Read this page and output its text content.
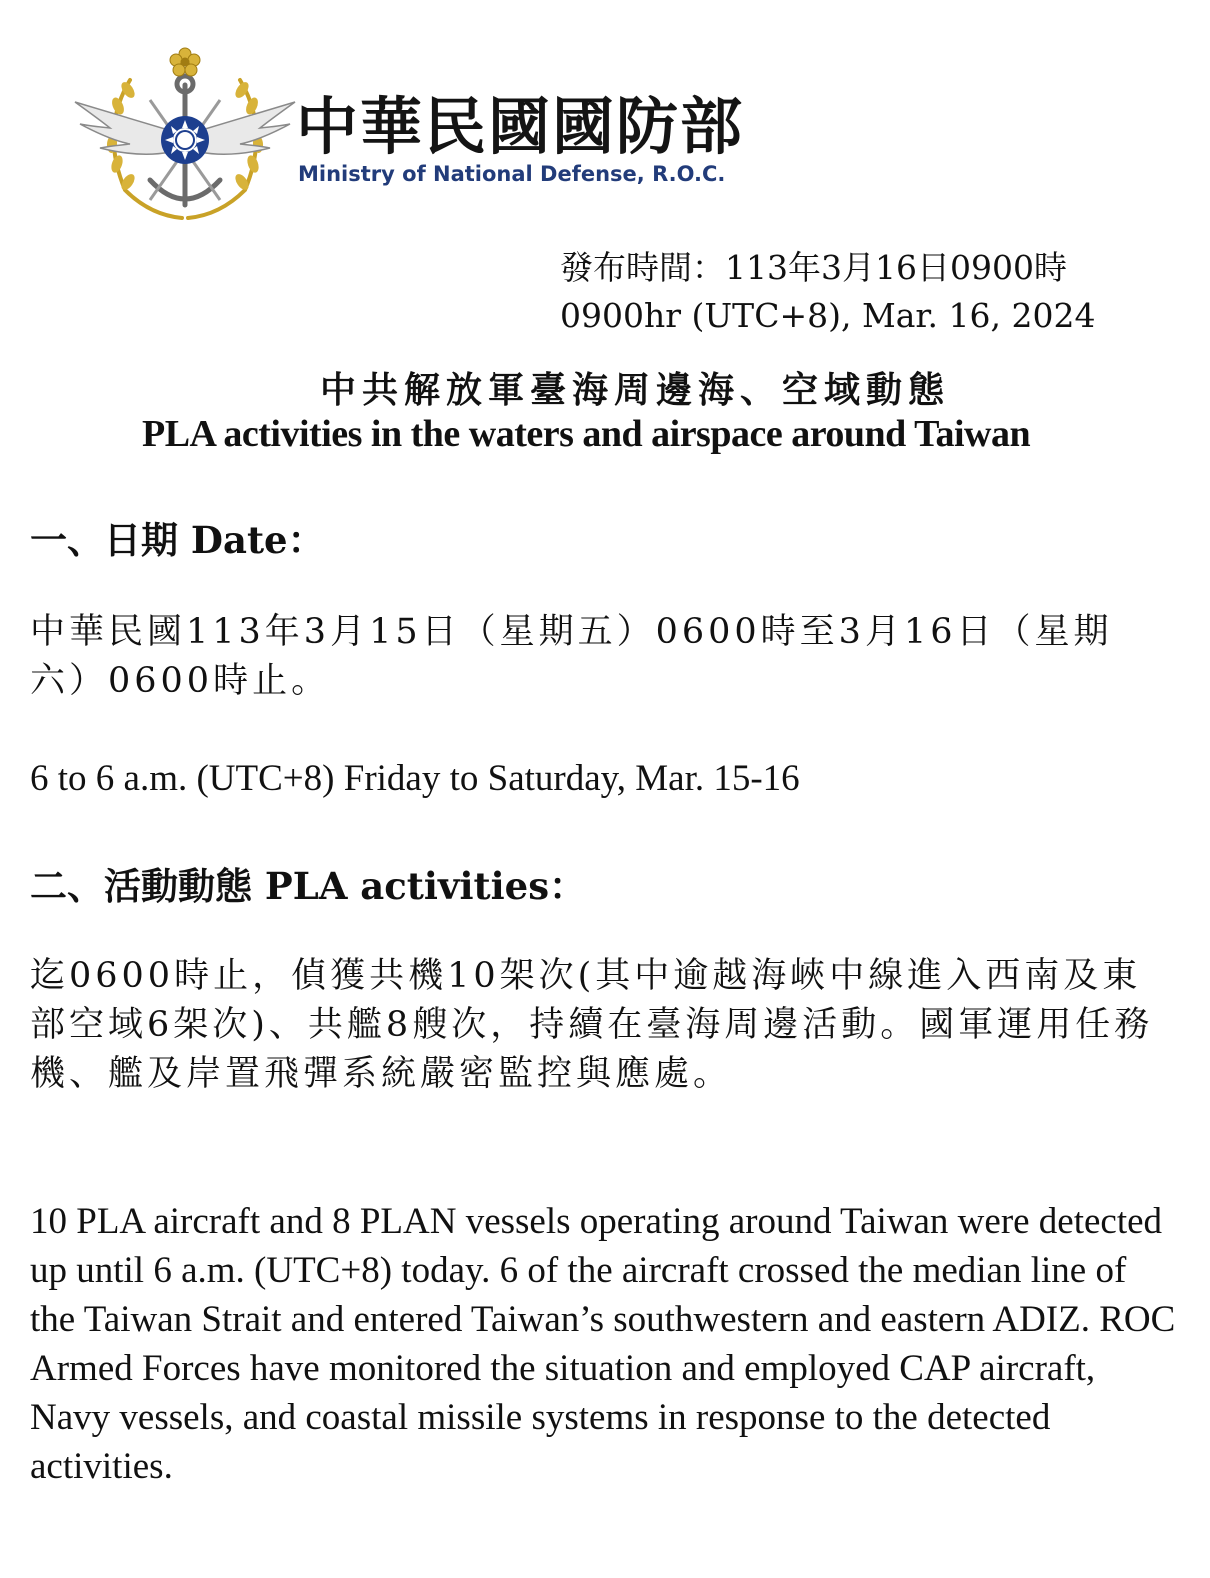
中華民國國防部
Ministry of National Defense, R.O.C.
發布時間：113年3月16日0900時
0900hr (UTC+8), Mar. 16, 2024
中共解放軍臺海周邊海、空域動態
PLA activities in the waters and airspace around Taiwan
一、日期 Date：
中華民國113年3月15日（星期五）0600時至3月16日（星期六）0600時止。
6 to 6 a.m. (UTC+8) Friday to Saturday, Mar. 15-16
二、活動動態 PLA activities：
迄0600時止，偵獲共機10架次(其中逾越海峽中線進入西南及東部空域6架次)、共艦8艘次，持續在臺海周邊活動。國軍運用任務機、艦及岸置飛彈系統嚴密監控與應處。
10 PLA aircraft and 8 PLAN vessels operating around Taiwan were detected up until 6 a.m. (UTC+8) today. 6 of the aircraft crossed the median line of the Taiwan Strait and entered Taiwan’s southwestern and eastern ADIZ. ROC Armed Forces have monitored the situation and employed CAP aircraft, Navy vessels, and coastal missile systems in response to the detected activities.
